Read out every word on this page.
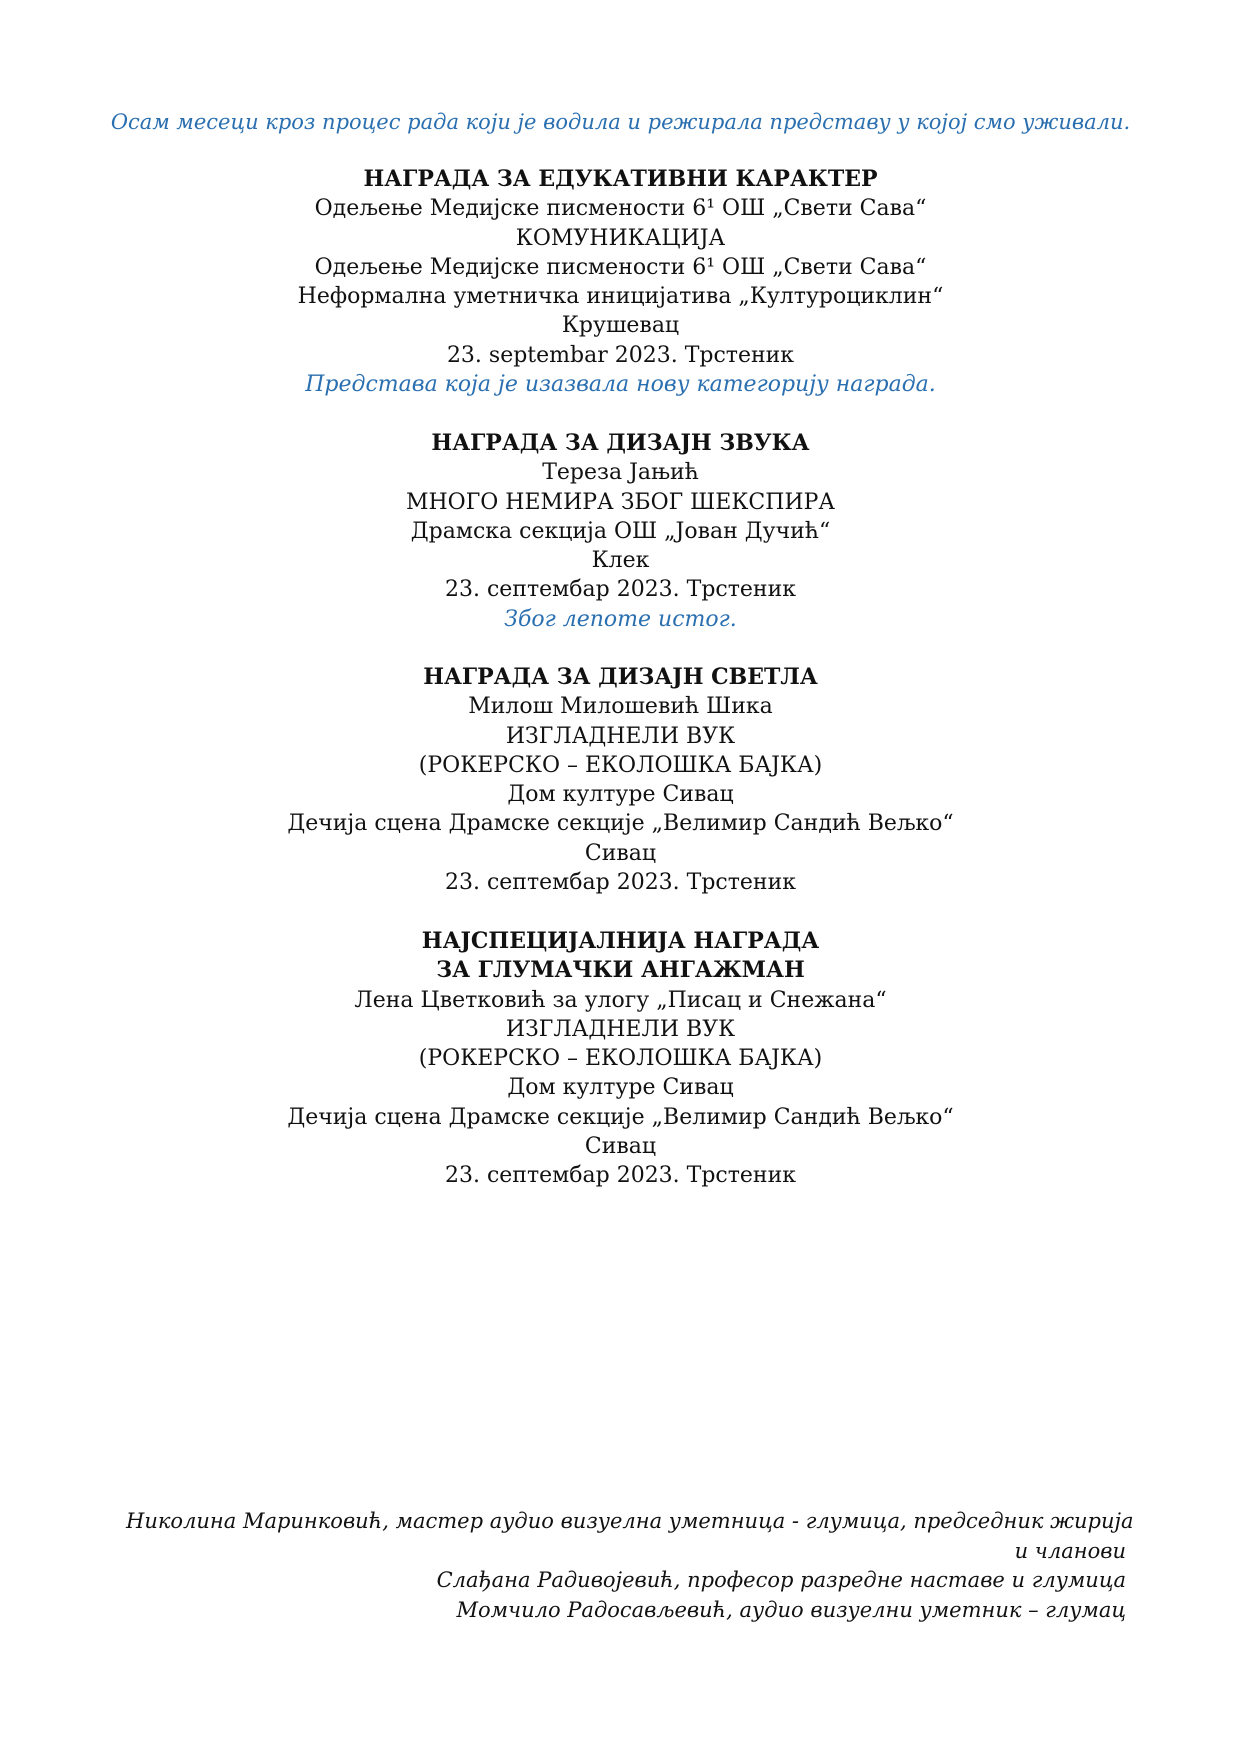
Осам месеци кроз процес рада који је водила и режирала представу у којој смо уживали.
НАГРАДА ЗА ЕДУКАТИВНИ КАРАКТЕР
Одељење Медијске писмености 6¹ ОШ „Свети Сава“
КОМУНИКАЦИЈА
Одељење Медијске писмености 6¹ ОШ „Свети Сава“
Неформална уметничка иницијатива „Културоциклин“
Крушевац
23. septembar 2023. Трстеник
Представа која је изазвала нову категорију награда.
НАГРАДА ЗА ДИЗАЈН ЗВУКА
Тереза Јањић
МНОГО НЕМИРА ЗБОГ ШЕКСПИРА
Драмска секција ОШ „Јован Дучић“
Клек
23. септембар 2023. Трстеник
Због лепоте истог.
НАГРАДА ЗА ДИЗАЈН СВЕТЛА
Милош Милошевић Шика
ИЗГЛАДНЕЛИ ВУК
(РОКЕРСКО – ЕКОЛОШКА БАЈКА)
Дом културе Сивац
Дечија сцена Драмске секције „Велимир Сандић Вељко“
Сивац
23. септембар 2023. Трстеник
НАЈСПЕЦИЈАЛНИЈА НАГРАДА
ЗА ГЛУМАЧКИ АНГАЖМАН
Лена Цветковић за улогу „Писац и Снежана“
ИЗГЛАДНЕЛИ ВУК
(РОКЕРСКО – ЕКОЛОШКА БАЈКА)
Дом културе Сивац
Дечија сцена Драмске секције „Велимир Сандић Вељко“
Сивац
23. септембар 2023. Трстеник
Николина Маринковић, мастер аудио визуелна уметница - глумица, председник жирија
и чланови
Слађана Радивојевић, професор разредне наставе и глумица
Момчило Радосављевић, аудио визуелни уметник – глумац
